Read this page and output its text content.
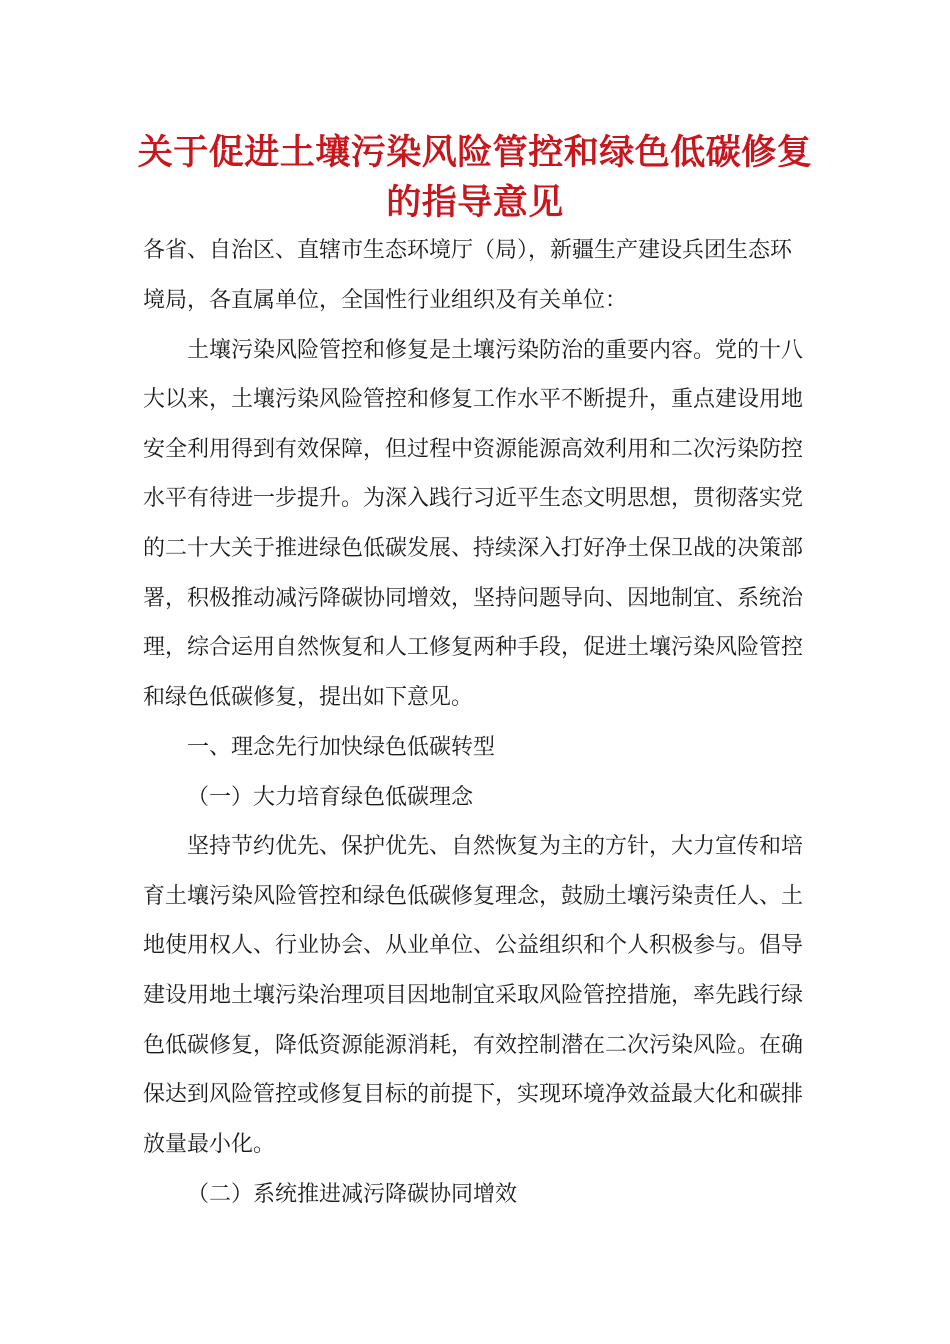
关于促进土壤污染风险管控和绿色低碳修复
的指导意见

各省、自治区、直辖市生态环境厅（局），新疆生产建设兵团生态环

境局，各直属单位，全国性行业组织及有关单位：

土壤污染风险管控和修复是土壤污染防治的重要内容。党的十八

大以来，土壤污染风险管控和修复工作水平不断提升，重点建设用地

安全利用得到有效保障，但过程中资源能源高效利用和二次污染防控

水平有待进一步提升。为深入践行习近平生态文明思想，贯彻落实党

的二十大关于推进绿色低碳发展、持续深入打好净土保卫战的决策部

署，积极推动减污降碳协同增效，坚持问题导向、因地制宜、系统治

理，综合运用自然恢复和人工修复两种手段，促进土壤污染风险管控

和绿色低碳修复，提出如下意见。

一、理念先行加快绿色低碳转型

（一）大力培育绿色低碳理念

坚持节约优先、保护优先、自然恢复为主的方针，大力宣传和培

育土壤污染风险管控和绿色低碳修复理念，鼓励土壤污染责任人、土

地使用权人、行业协会、从业单位、公益组织和个人积极参与。倡导

建设用地土壤污染治理项目因地制宜采取风险管控措施，率先践行绿

色低碳修复，降低资源能源消耗，有效控制潜在二次污染风险。在确

保达到风险管控或修复目标的前提下，实现环境净效益最大化和碳排

放量最小化。

（二）系统推进减污降碳协同增效
